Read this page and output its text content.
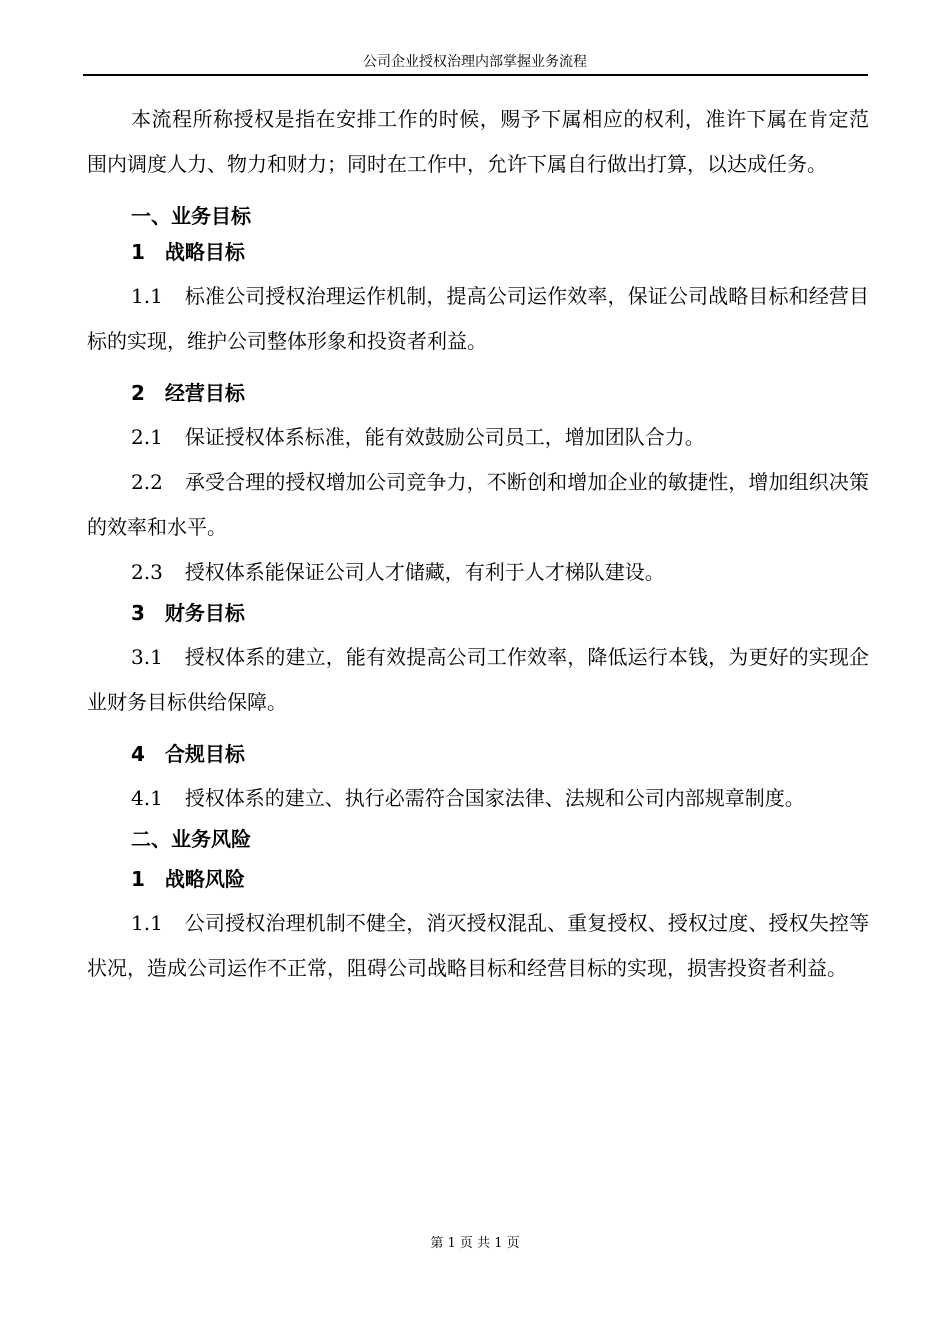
公司企业授权治理内部掌握业务流程

本流程所称授权是指在安排工作的时候，赐予下属相应的权利，准许下属在肯定范围内调度人力、物力和财力；同时在工作中，允许下属自行做出打算，以达成任务。

一、业务目标

1 战略目标

1.1 标准公司授权治理运作机制，提高公司运作效率，保证公司战略目标和经营目标的实现，维护公司整体形象和投资者利益。

2 经营目标

2.1 保证授权体系标准，能有效鼓励公司员工，增加团队合力。

2.2 承受合理的授权增加公司竞争力，不断创和增加企业的敏捷性，增加组织决策的效率和水平。

2.3 授权体系能保证公司人才储藏，有利于人才梯队建设。

3 财务目标

3.1 授权体系的建立，能有效提高公司工作效率，降低运行本钱，为更好的实现企业财务目标供给保障。

4 合规目标

4.1 授权体系的建立、执行必需符合国家法律、法规和公司内部规章制度。

二、业务风险

1 战略风险

1.1 公司授权治理机制不健全，消灭授权混乱、重复授权、授权过度、授权失控等状况，造成公司运作不正常，阻碍公司战略目标和经营目标的实现，损害投资者利益。

第 1 页 共 1 页
